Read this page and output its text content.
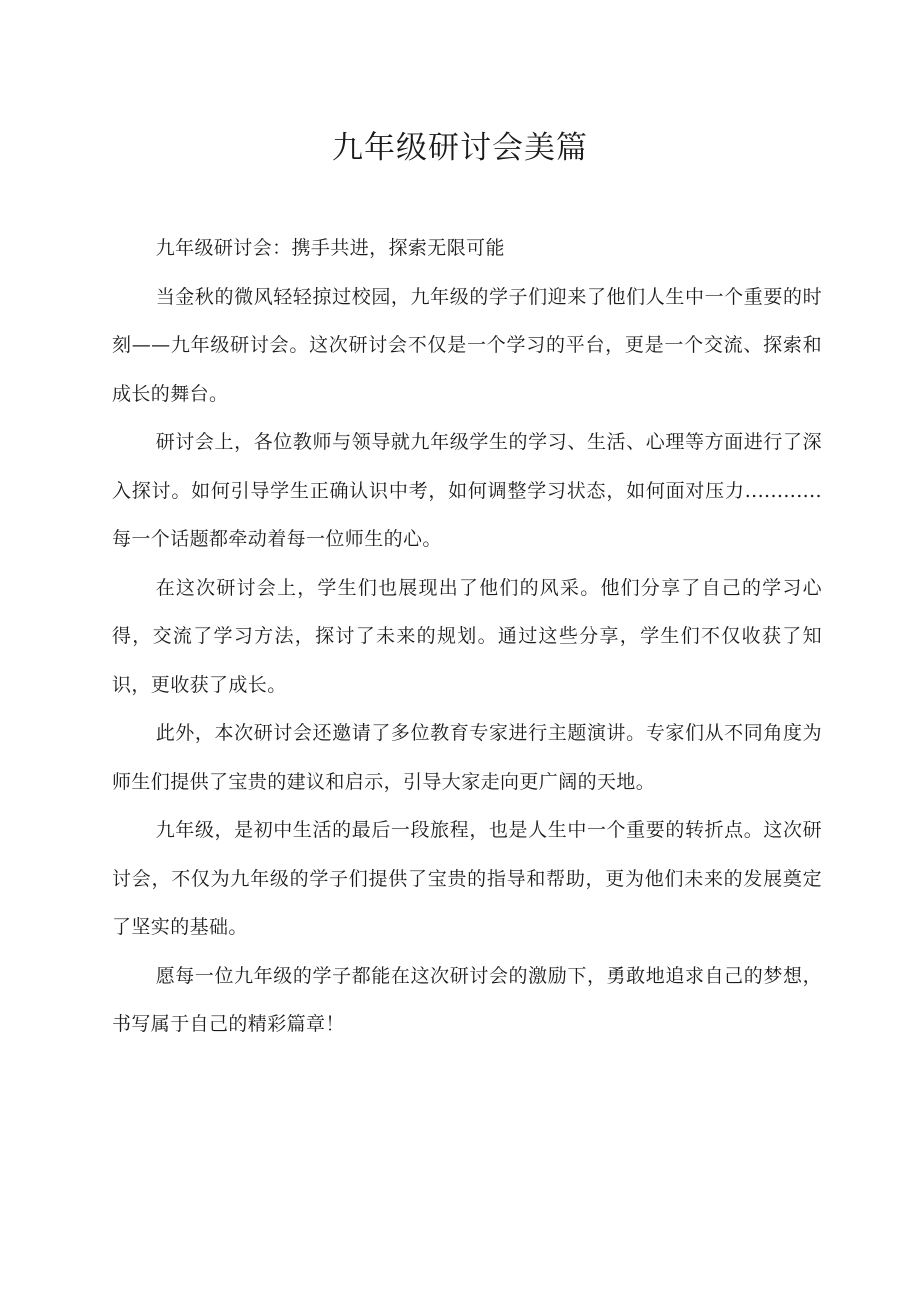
九年级研讨会美篇

九年级研讨会：携手共进，探索无限可能

当金秋的微风轻轻掠过校园，九年级的学子们迎来了他们人生中一个重要的时刻——九年级研讨会。这次研讨会不仅是一个学习的平台，更是一个交流、探索和成长的舞台。

研讨会上，各位教师与领导就九年级学生的学习、生活、心理等方面进行了深入探讨。如何引导学生正确认识中考，如何调整学习状态，如何面对压力............每一个话题都牵动着每一位师生的心。

在这次研讨会上，学生们也展现出了他们的风采。他们分享了自己的学习心得，交流了学习方法，探讨了未来的规划。通过这些分享，学生们不仅收获了知识，更收获了成长。

此外，本次研讨会还邀请了多位教育专家进行主题演讲。专家们从不同角度为师生们提供了宝贵的建议和启示，引导大家走向更广阔的天地。

九年级，是初中生活的最后一段旅程，也是人生中一个重要的转折点。这次研讨会，不仅为九年级的学子们提供了宝贵的指导和帮助，更为他们未来的发展奠定了坚实的基础。

愿每一位九年级的学子都能在这次研讨会的激励下，勇敢地追求自己的梦想，书写属于自己的精彩篇章！
